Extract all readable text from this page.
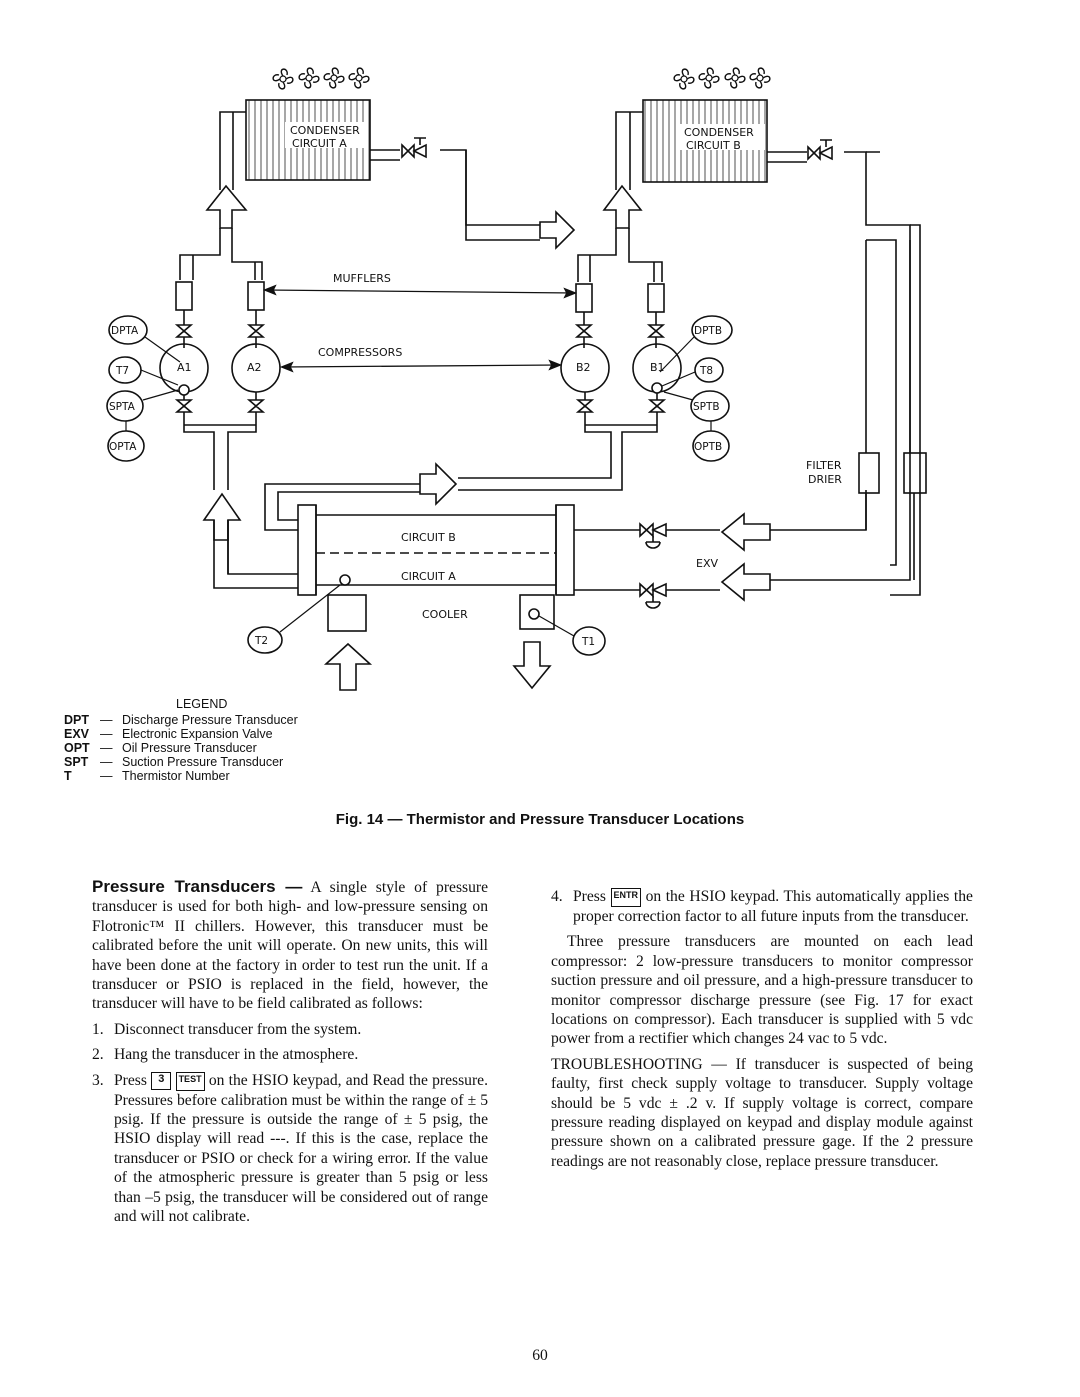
CONDENSER
CIRCUIT A
CONDENSER
CIRCUIT B
MUFFLERS
COMPRESSORS
A1	A2	B2	B1
DPTA
T7
SPTA
OPTA
DPTB
T8
SPTB
OPTB
FILTER
DRIER
CIRCUIT B
CIRCUIT A
EXV
COOLER
T2	T1
LEGEND
DPT — Discharge Pressure Transducer
EXV — Electronic Expansion Valve
OPT — Oil Pressure Transducer
SPT — Suction Pressure Transducer
T	— Thermistor Number
Fig. 14 — Thermistor and Pressure Transducer Locations

Pressure Transducers — A single style of pressure transducer is used for both high- and low-pressure sensing on Flotronic™ II chillers. However, this transducer must be calibrated before the unit will operate. On new units, this will have been done at the factory in order to test run the unit. If a transducer or PSIO is replaced in the field, however, the transducer will have to be field calibrated as follows:

1. Disconnect transducer from the system.
2. Hang the transducer in the atmosphere.
3. Press 3 TEST on the HSIO keypad, and Read the pressure. Pressures before calibration must be within the range of ± 5 psig. If the pressure is outside the range of ± 5 psig, the HSIO display will read ---. If this is the case, replace the transducer or PSIO or check for a wiring error. If the value of the atmospheric pressure is greater than 5 psig or less than –5 psig, the transducer will be considered out of range and will not calibrate.
4. Press ENTR on the HSIO keypad. This automatically applies the proper correction factor to all future inputs from the transducer.

Three pressure transducers are mounted on each lead compressor: 2 low-pressure transducers to monitor compressor suction pressure and oil pressure, and a high-pressure transducer to monitor compressor discharge pressure (see Fig. 17 for exact locations on compressor). Each transducer is supplied with 5 vdc power from a rectifier which changes 24 vac to 5 vdc.

TROUBLESHOOTING — If transducer is suspected of being faulty, first check supply voltage to transducer. Supply voltage should be 5 vdc ± .2 v. If supply voltage is correct, compare pressure reading displayed on keypad and display module against pressure shown on a calibrated pressure gage. If the 2 pressure readings are not reasonably close, replace pressure transducer.

60
